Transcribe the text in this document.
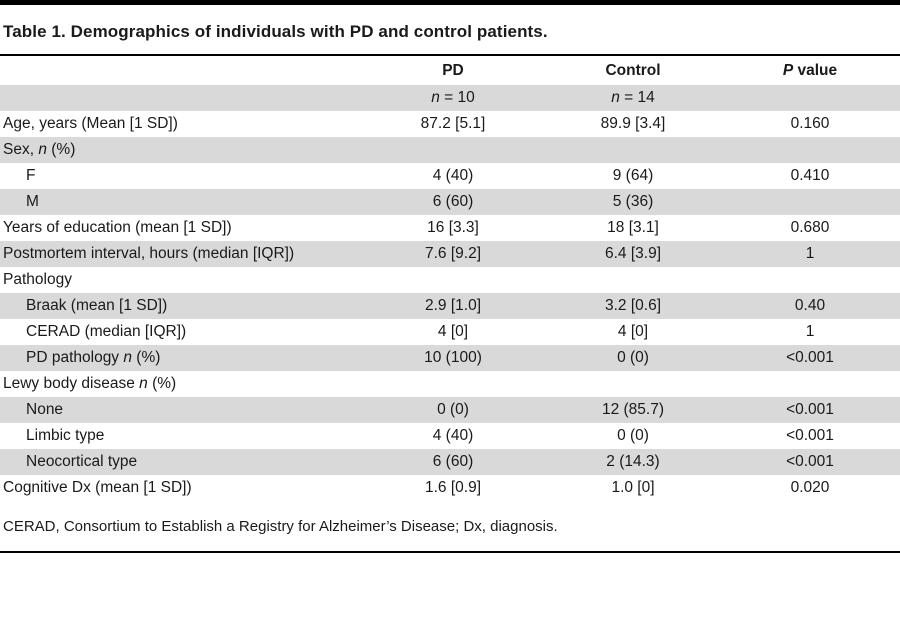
Table 1. Demographics of individuals with PD and control patients.
	PD	Control	P value
	n = 10	n = 14	
Age, years (Mean [1 SD])	87.2 [5.1]	89.9 [3.4]	0.160
Sex, n (%)			
F	4 (40)	9 (64)	0.410
M	6 (60)	5 (36)	
Years of education (mean [1 SD])	16 [3.3]	18 [3.1]	0.680
Postmortem interval, hours (median [IQR])	7.6 [9.2]	6.4 [3.9]	1
Pathology			
Braak (mean [1 SD])	2.9 [1.0]	3.2 [0.6]	0.40
CERAD (median [IQR])	4 [0]	4 [0]	1
PD pathology n (%)	10 (100)	0 (0)	<0.001
Lewy body disease n (%)			
None	0 (0)	12 (85.7)	<0.001
Limbic type	4 (40)	0 (0)	<0.001
Neocortical type	6 (60)	2 (14.3)	<0.001
Cognitive Dx (mean [1 SD])	1.6 [0.9]	1.0 [0]	0.020
CERAD, Consortium to Establish a Registry for Alzheimer’s Disease; Dx, diagnosis.
